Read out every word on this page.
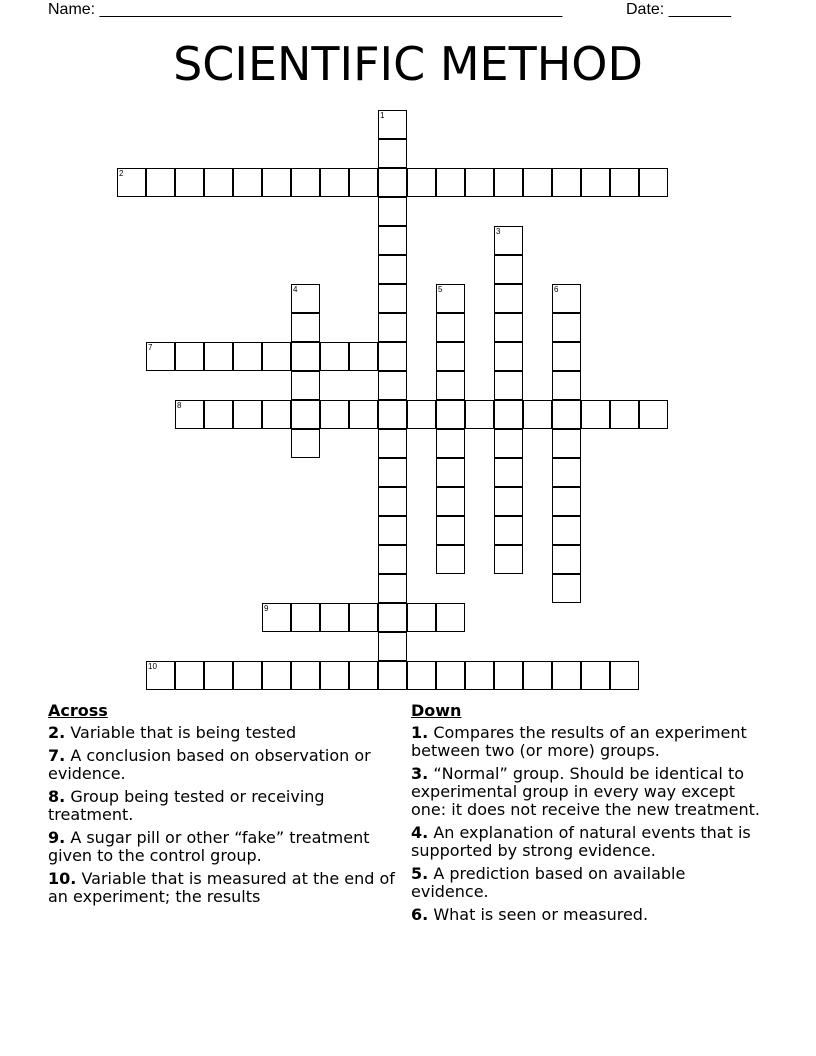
Name: ____________________________________________________	Date: _______
SCIENTIFIC METHOD
1
2
3
4	5	6
7
8
9
10
Across
2. Variable that is being tested
7. A conclusion based on observation or evidence.
8. Group being tested or receiving treatment.
9. A sugar pill or other “fake” treatment given to the control group.
10. Variable that is measured at the end of an experiment; the results
Down
1. Compares the results of an experiment between two (or more) groups.
3. “Normal” group. Should be identical to experimental group in every way except one: it does not receive the new treatment.
4. An explanation of natural events that is supported by strong evidence.
5. A prediction based on available evidence.
6. What is seen or measured.
